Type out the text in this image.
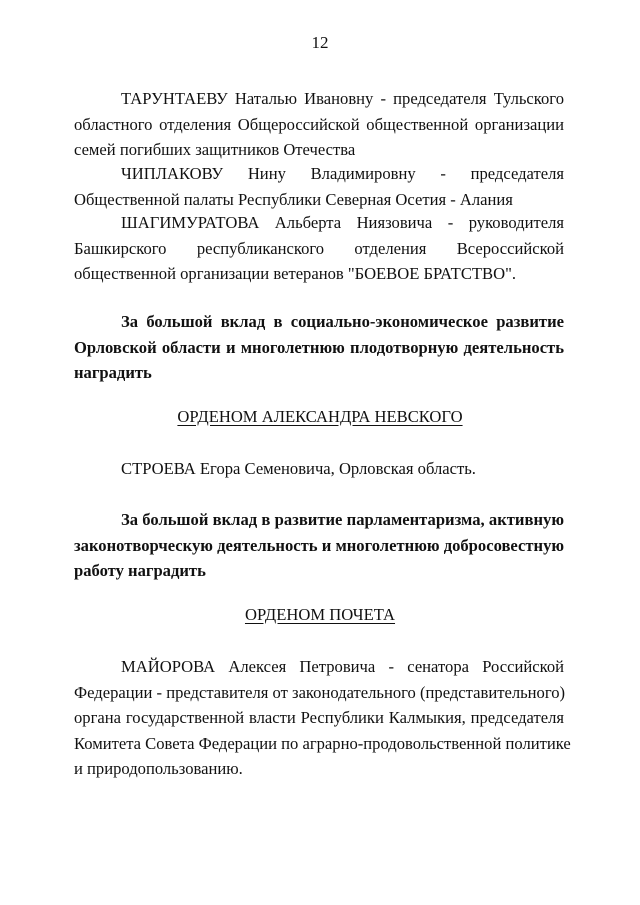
12
ТАРУНТАЕВУ Наталью Ивановну - председателя Тульского
областного отделения Общероссийской общественной организации
семей погибших защитников Отечества
ЧИПЛАКОВУ Нину Владимировну - председателя
Общественной палаты Республики Северная Осетия - Алания
ШАГИМУРАТОВА Альберта Ниязовича - руководителя
Башкирского республиканского отделения Всероссийской
общественной организации ветеранов "БОЕВОЕ БРАТСТВО".
За большой вклад в социально-экономическое развитие
Орловской области и многолетнюю плодотворную деятельность
наградить
ОРДЕНОМ АЛЕКСАНДРА НЕВСКОГО
СТРОЕВА Егора Семеновича, Орловская область.
За большой вклад в развитие парламентаризма, активную
законотворческую деятельность и многолетнюю добросовестную
работу наградить
ОРДЕНОМ ПОЧЕТА
МАЙОРОВА Алексея Петровича - сенатора Российской
Федерации - представителя от законодательного (представительного)
органа государственной власти Республики Калмыкия, председателя
Комитета Совета Федерации по аграрно-продовольственной политике
и природопользованию.
